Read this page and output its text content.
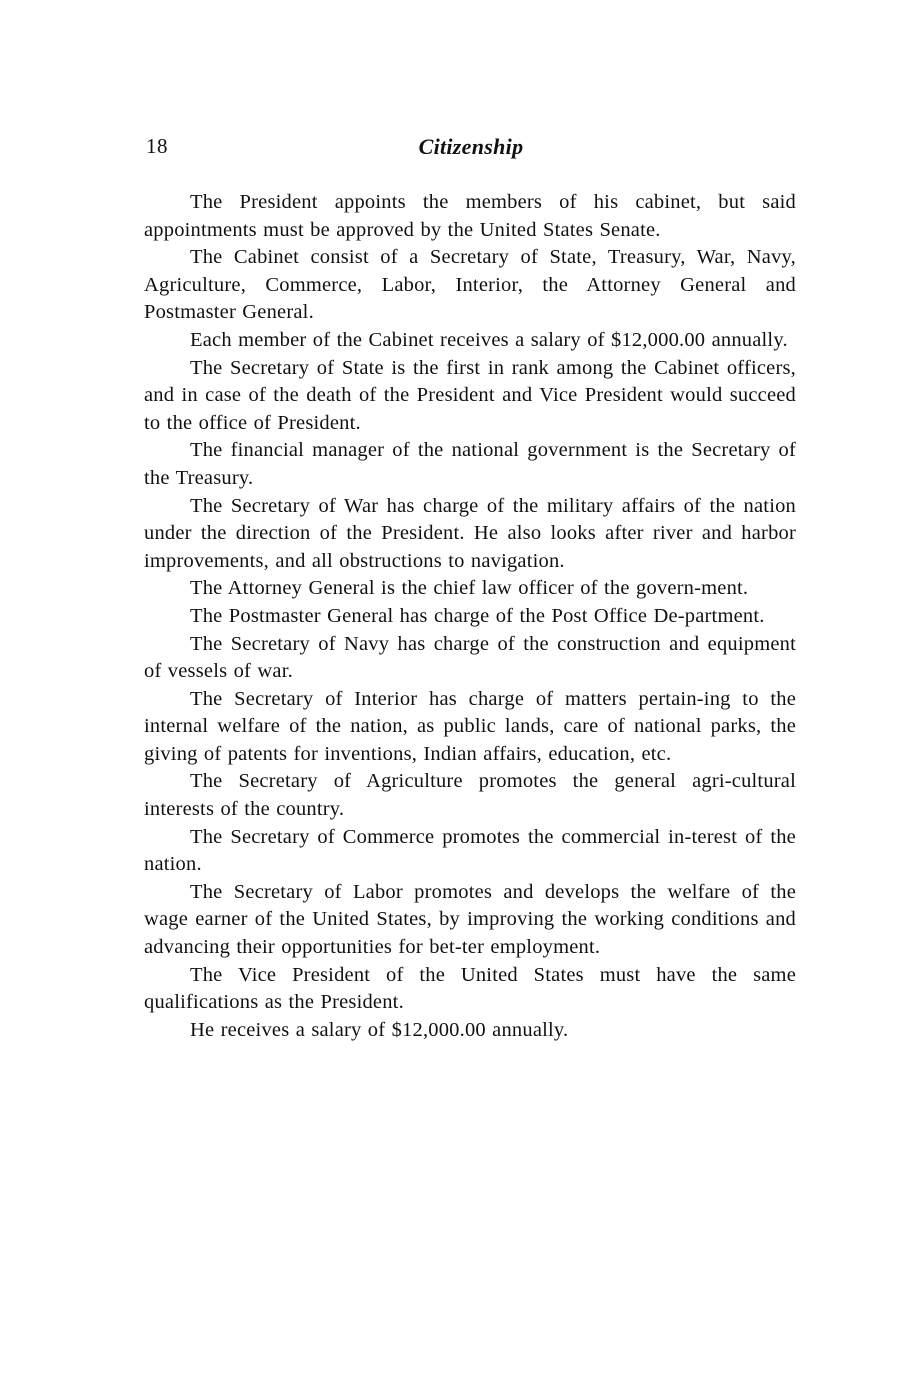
18	Citizenship

The President appoints the members of his cabinet, but said appointments must be approved by the United States Senate.

The Cabinet consist of a Secretary of State, Treasury, War, Navy, Agriculture, Commerce, Labor, Interior, the Attorney General and Postmaster General.

Each member of the Cabinet receives a salary of $12,000.00 annually.

The Secretary of State is the first in rank among the Cabinet officers, and in case of the death of the President and Vice President would succeed to the office of President.

The financial manager of the national government is the Secretary of the Treasury.

The Secretary of War has charge of the military affairs of the nation under the direction of the President. He also looks after river and harbor improvements, and all obstructions to navigation.

The Attorney General is the chief law officer of the govern-ment.

The Postmaster General has charge of the Post Office De-partment.

The Secretary of Navy has charge of the construction and equipment of vessels of war.

The Secretary of Interior has charge of matters pertain-ing to the internal welfare of the nation, as public lands, care of national parks, the giving of patents for inventions, Indian affairs, education, etc.

The Secretary of Agriculture promotes the general agri-cultural interests of the country.

The Secretary of Commerce promotes the commercial in-terest of the nation.

The Secretary of Labor promotes and develops the welfare of the wage earner of the United States, by improving the working conditions and advancing their opportunities for bet-ter employment.

The Vice President of the United States must have the same qualifications as the President.

He receives a salary of $12,000.00 annually.
